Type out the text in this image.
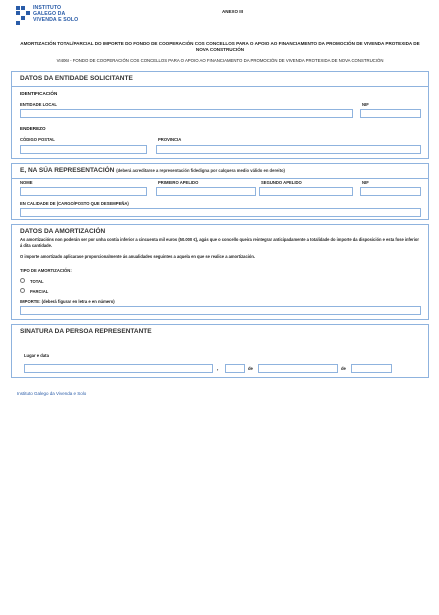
INSTITUTO
GALEGO DA
VIVENDA E SOLO
ANEXO III
AMORTIZACIÓN TOTAL/PARCIAL DO IMPORTE DO FONDO DE COOPERACIÓN COS CONCELLOS PARA O APOIO AO FINANCIAMENTO DA PROMOCIÓN DE VIVENDA PROTEXIDA DE NOVA CONSTRUCIÓN
VI406I - FONDO DE COOPERACIÓN COS CONCELLOS PARA O APOIO AO FINANCIAMENTO DA PROMOCIÓN DE VIVENDA PROTEXIDA DE NOVA CONSTRUCIÓN
DATOS DA ENTIDADE SOLICITANTE
IDENTIFICACIÓN
ENTIDADE LOCAL	NIF
ENDEREZO
CÓDIGO POSTAL	PROVINCIA
E, NA SÚA REPRESENTACIÓN (deberá acreditarse a representación fidedigna por calquera medio válido en dereito)
NOME	PRIMEIRO APELIDO	SEGUNDO APELIDO	NIF
EN CALIDADE DE (CARGO/POSTO QUE DESEMPEÑA)
DATOS DA AMORTIZACIÓN
As amortizacións non poderán ser por unha contía inferior a cincuenta mil euros (50.000 €), agás que o concello queira reintegrar anticipadamente a totalidade do importe da disposición e esta fose inferior á dita cantidade.
O importe amortizado aplicarase proporcionalmente ás anualidades seguintes a aquela en que se realice a amortización.
TIPO DE AMORTIZACIÓN:
TOTAL
PARCIAL
IMPORTE: (deberá figurar en letra e en número)
SINATURA DA PERSOA REPRESENTANTE
Lugar e data
,	de	de
Instituto Galego da Vivenda e Solo
